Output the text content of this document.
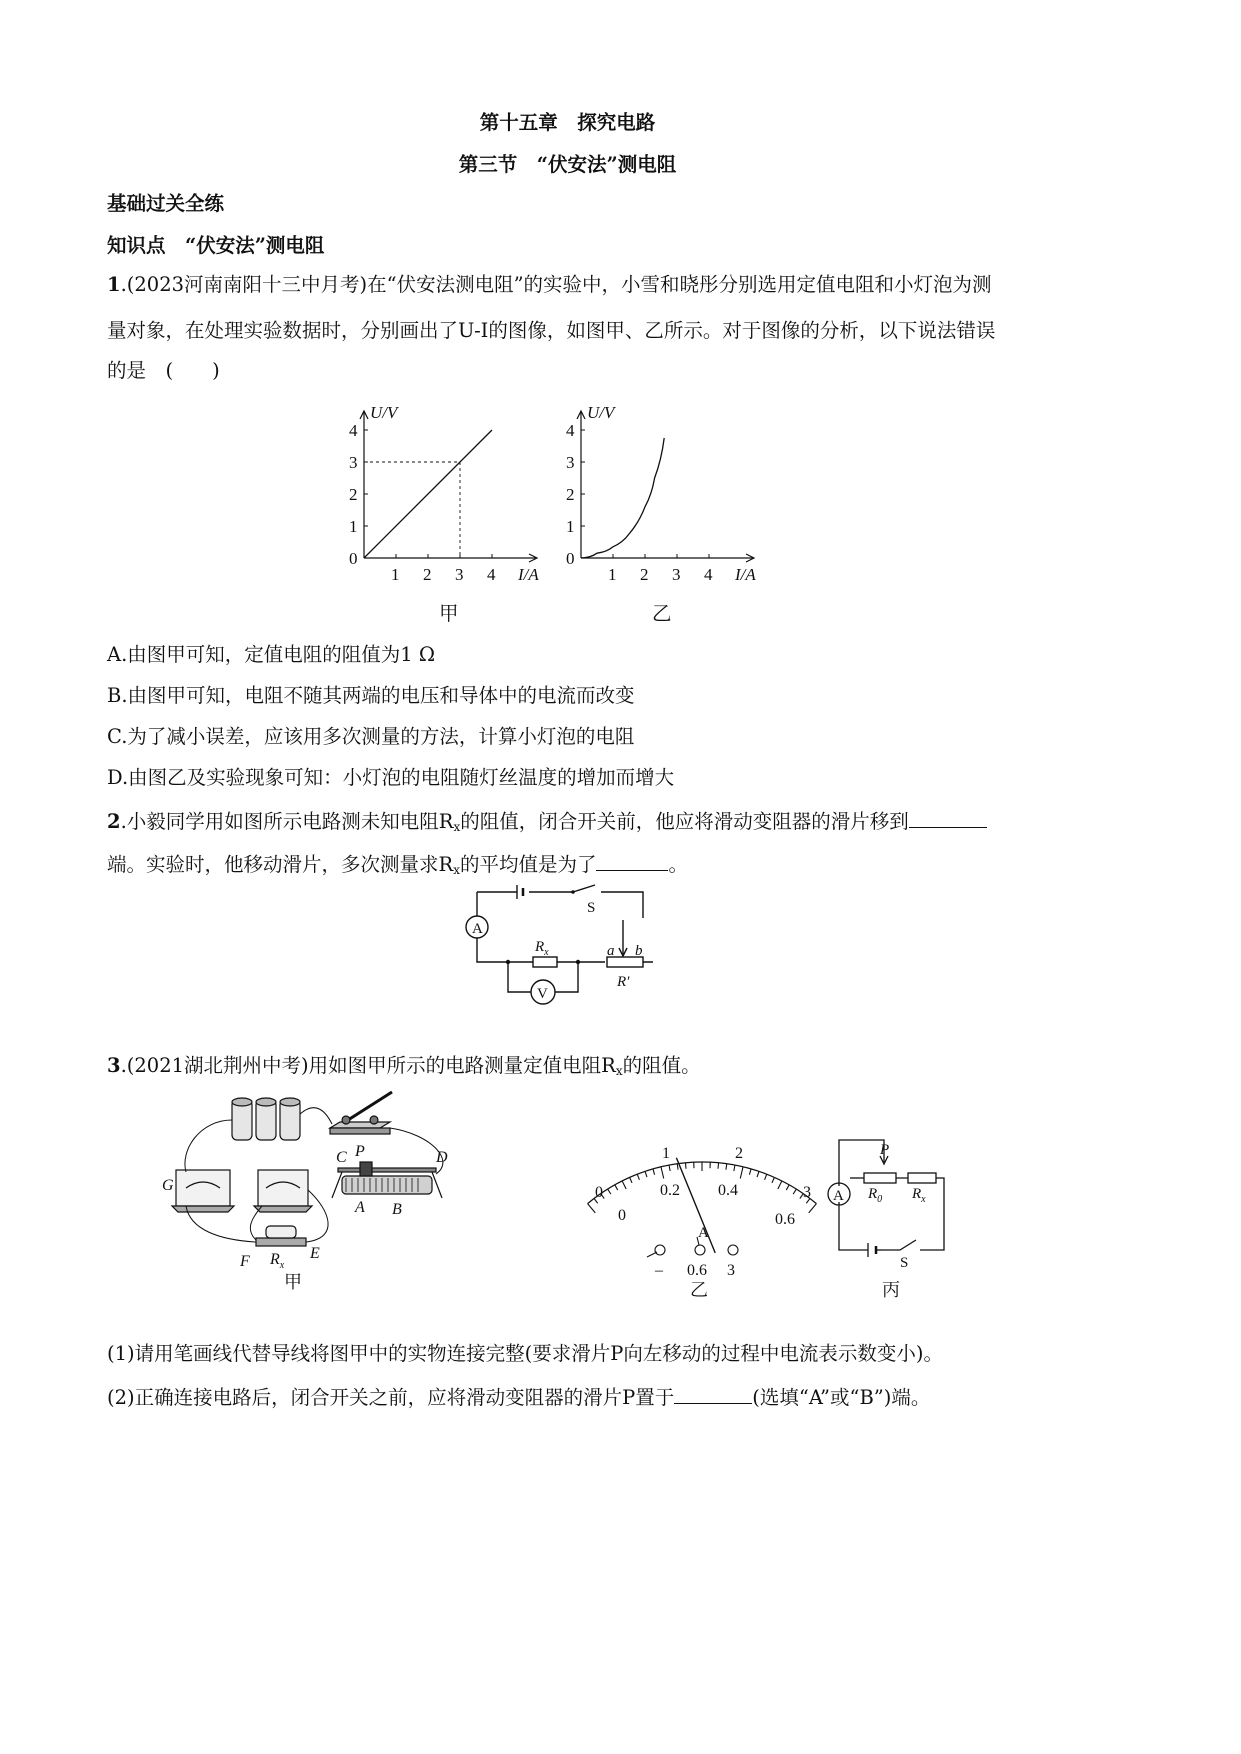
第十五章　探究电路
第三节　“伏安法”测电阻
基础过关全练
知识点　“伏安法”测电阻
1.(2023河南南阳十三中月考)在“伏安法测电阻”的实验中，小雪和晓彤分别选用定值电阻和小灯泡为测
量对象，在处理实验数据时，分别画出了U-I的图像，如图甲、乙所示。对于图像的分析，以下说法错误
的是　(　　)
1 2 3 4
1
2
3
4
0
I/A
U/V
1 2 3 4
1
2
3
4
0
I/A
U/V
甲	乙
A.由图甲可知，定值电阻的阻值为1 Ω
B.由图甲可知，电阻不随其两端的电压和导体中的电流而改变
C.为了减小误差，应该用多次测量的方法，计算小灯泡的电阻
D.由图乙及实验现象可知：小灯泡的电阻随灯丝温度的增加而增大
2.小毅同学用如图所示电路测未知电阻$R_x$的阻值，闭合开关前，他应将滑动变阻器的滑片移到
端。实验时，他移动滑片，多次测量求$R_x$的平均值是为了	。
A
V
S
$R_x$	a b
R′
3.(2021湖北荆州中考)用如图甲所示的电路测量定值电阻$R_x$的阻值。
C P	D
G
A B
F	E
$R_x$
甲
0
0
1	2
3
0.2 0.4
0.6
A
– 0.6 3
乙
A
P
$R_0$ $R_x$
S
丙
(1)请用笔画线代替导线将图甲中的实物连接完整(要求滑片P向左移动的过程中电流表示数变小)。
(2)正确连接电路后，闭合开关之前，应将滑动变阻器的滑片P置于	(选填“A”或“B”)端。
